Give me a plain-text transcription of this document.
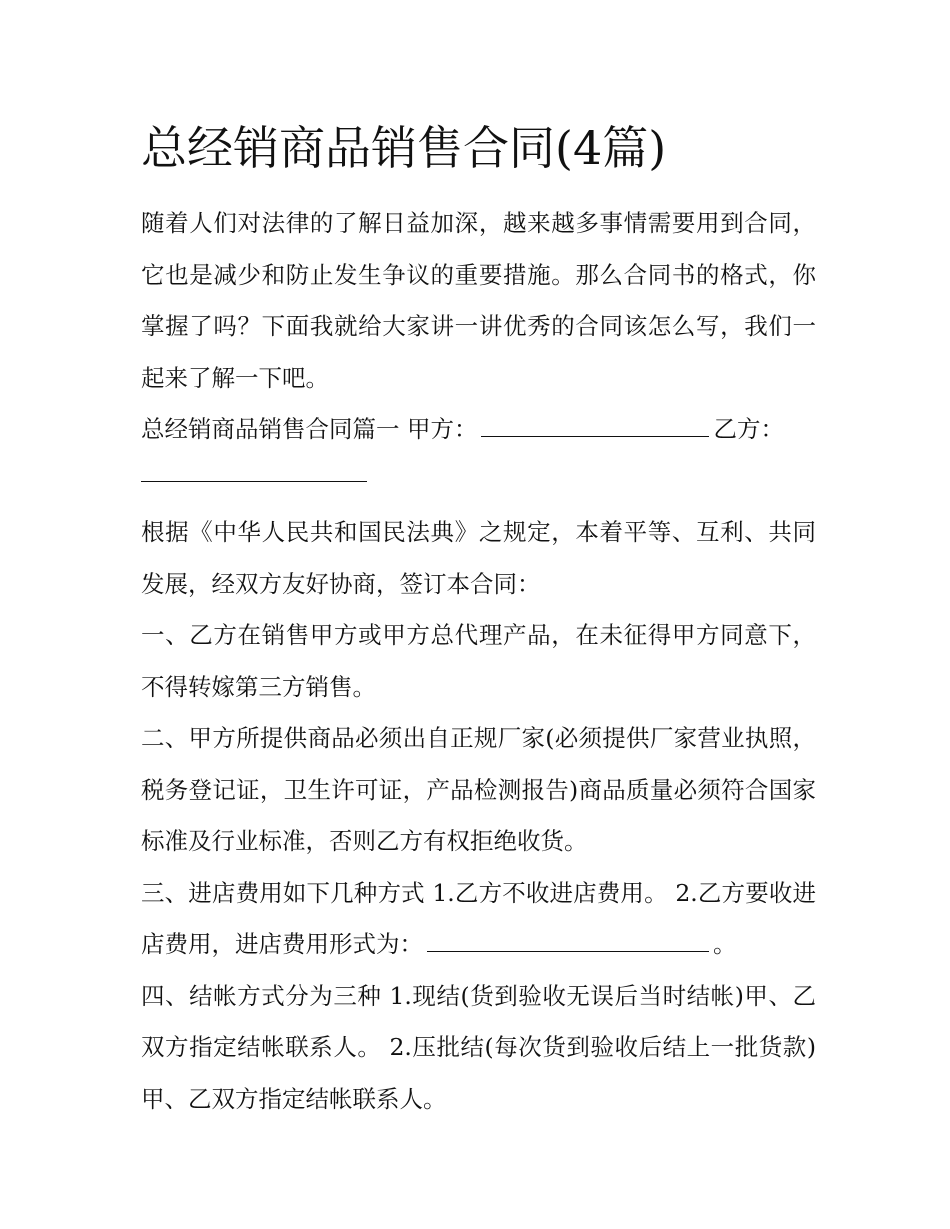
总经销商品销售合同(4篇)

随着人们对法律的了解日益加深，越来越多事情需要用到合同，它也是减少和防止发生争议的重要措施。那么合同书的格式，你掌握了吗？下面我就给大家讲一讲优秀的合同该怎么写，我们一起来了解一下吧。

总经销商品销售合同篇一 甲方：	乙方：

根据《中华人民共和国民法典》之规定，本着平等、互利、共同发展，经双方友好协商，签订本合同：

一、乙方在销售甲方或甲方总代理产品，在未征得甲方同意下，不得转嫁第三方销售。

二、甲方所提供商品必须出自正规厂家(必须提供厂家营业执照，税务登记证，卫生许可证，产品检测报告)商品质量必须符合国家标准及行业标准，否则乙方有权拒绝收货。

三、进店费用如下几种方式 1.乙方不收进店费用。 2.乙方要收进店费用，进店费用形式为：	。

四、结帐方式分为三种 1.现结(货到验收无误后当时结帐)甲、乙双方指定结帐联系人。 2.压批结(每次货到验收后结上一批货款)甲、乙双方指定结帐联系人。
